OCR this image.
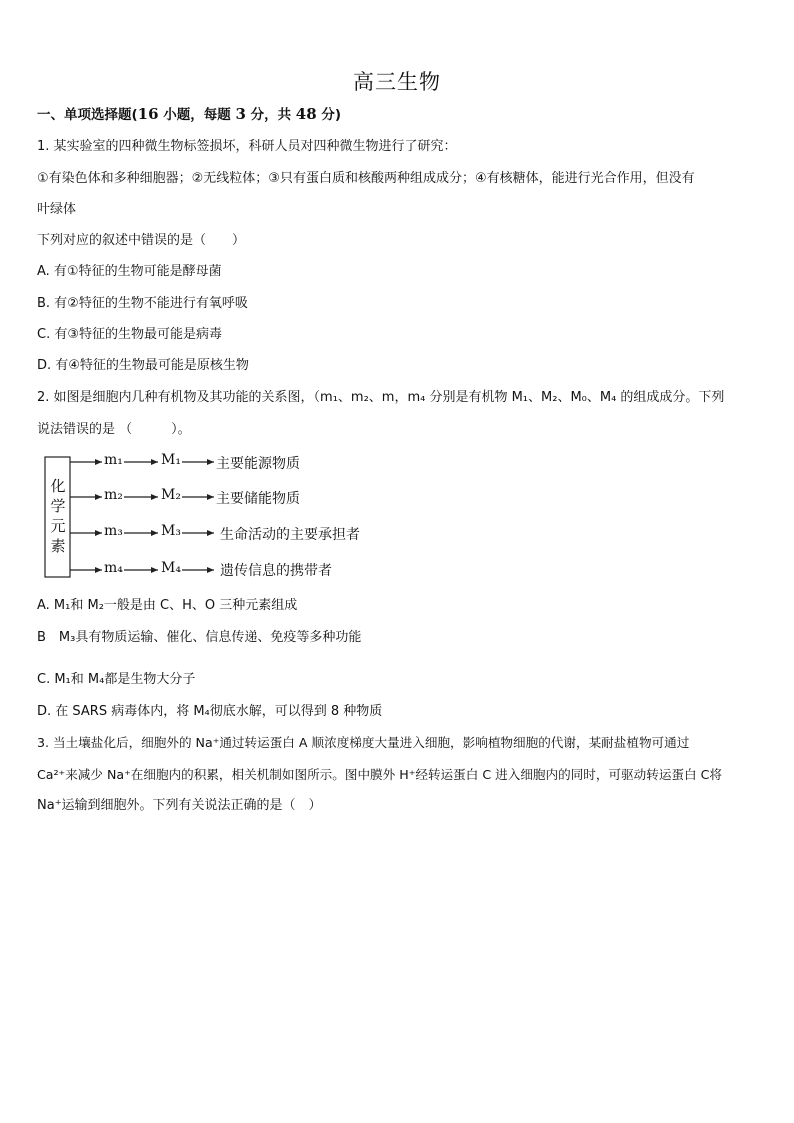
高三生物
一、单项选择题(16 小题，每题 3 分，共 48 分)
1. 某实验室的四种微生物标签损坏，科研人员对四种微生物进行了研究：
①有染色体和多种细胞器；②无线粒体；③只有蛋白质和核酸两种组成成分；④有核糖体，能进行光合作用，但没有
叶绿体
下列对应的叙述中错误的是（　　）
A. 有①特征的生物可能是酵母菌
B. 有②特征的生物不能进行有氧呼吸
C. 有③特征的生物最可能是病毒
D. 有④特征的生物最可能是原核生物
2. 如图是细胞内几种有机物及其功能的关系图，（m₁、m₂、m，m₄ 分别是有机物 M₁、M₂、M₀、M₄ 的组成成分。下列
说法错误的是 （　　　）。
化学元素
m₁	M₁	主要能源物质
m₂	M₂	主要储能物质
m₃	M₃	生命活动的主要承担者
m₄	M₄	遗传信息的携带者
A. M₁和 M₂一般是由 C、H、O 三种元素组成
B　M₃具有物质运输、催化、信息传递、免疫等多种功能
C. M₁和 M₄都是生物大分子
D. 在 SARS 病毒体内，将 M₄彻底水解，可以得到 8 种物质
3. 当土壤盐化后，细胞外的 Na⁺通过转运蛋白 A 顺浓度梯度大量进入细胞，影响植物细胞的代谢，某耐盐植物可通过
Ca²⁺来减少 Na⁺在细胞内的积累，相关机制如图所示。图中膜外 H⁺经转运蛋白 C 进入细胞内的同时，可驱动转运蛋白 C将
Na⁺运输到细胞外。下列有关说法正确的是（　）
